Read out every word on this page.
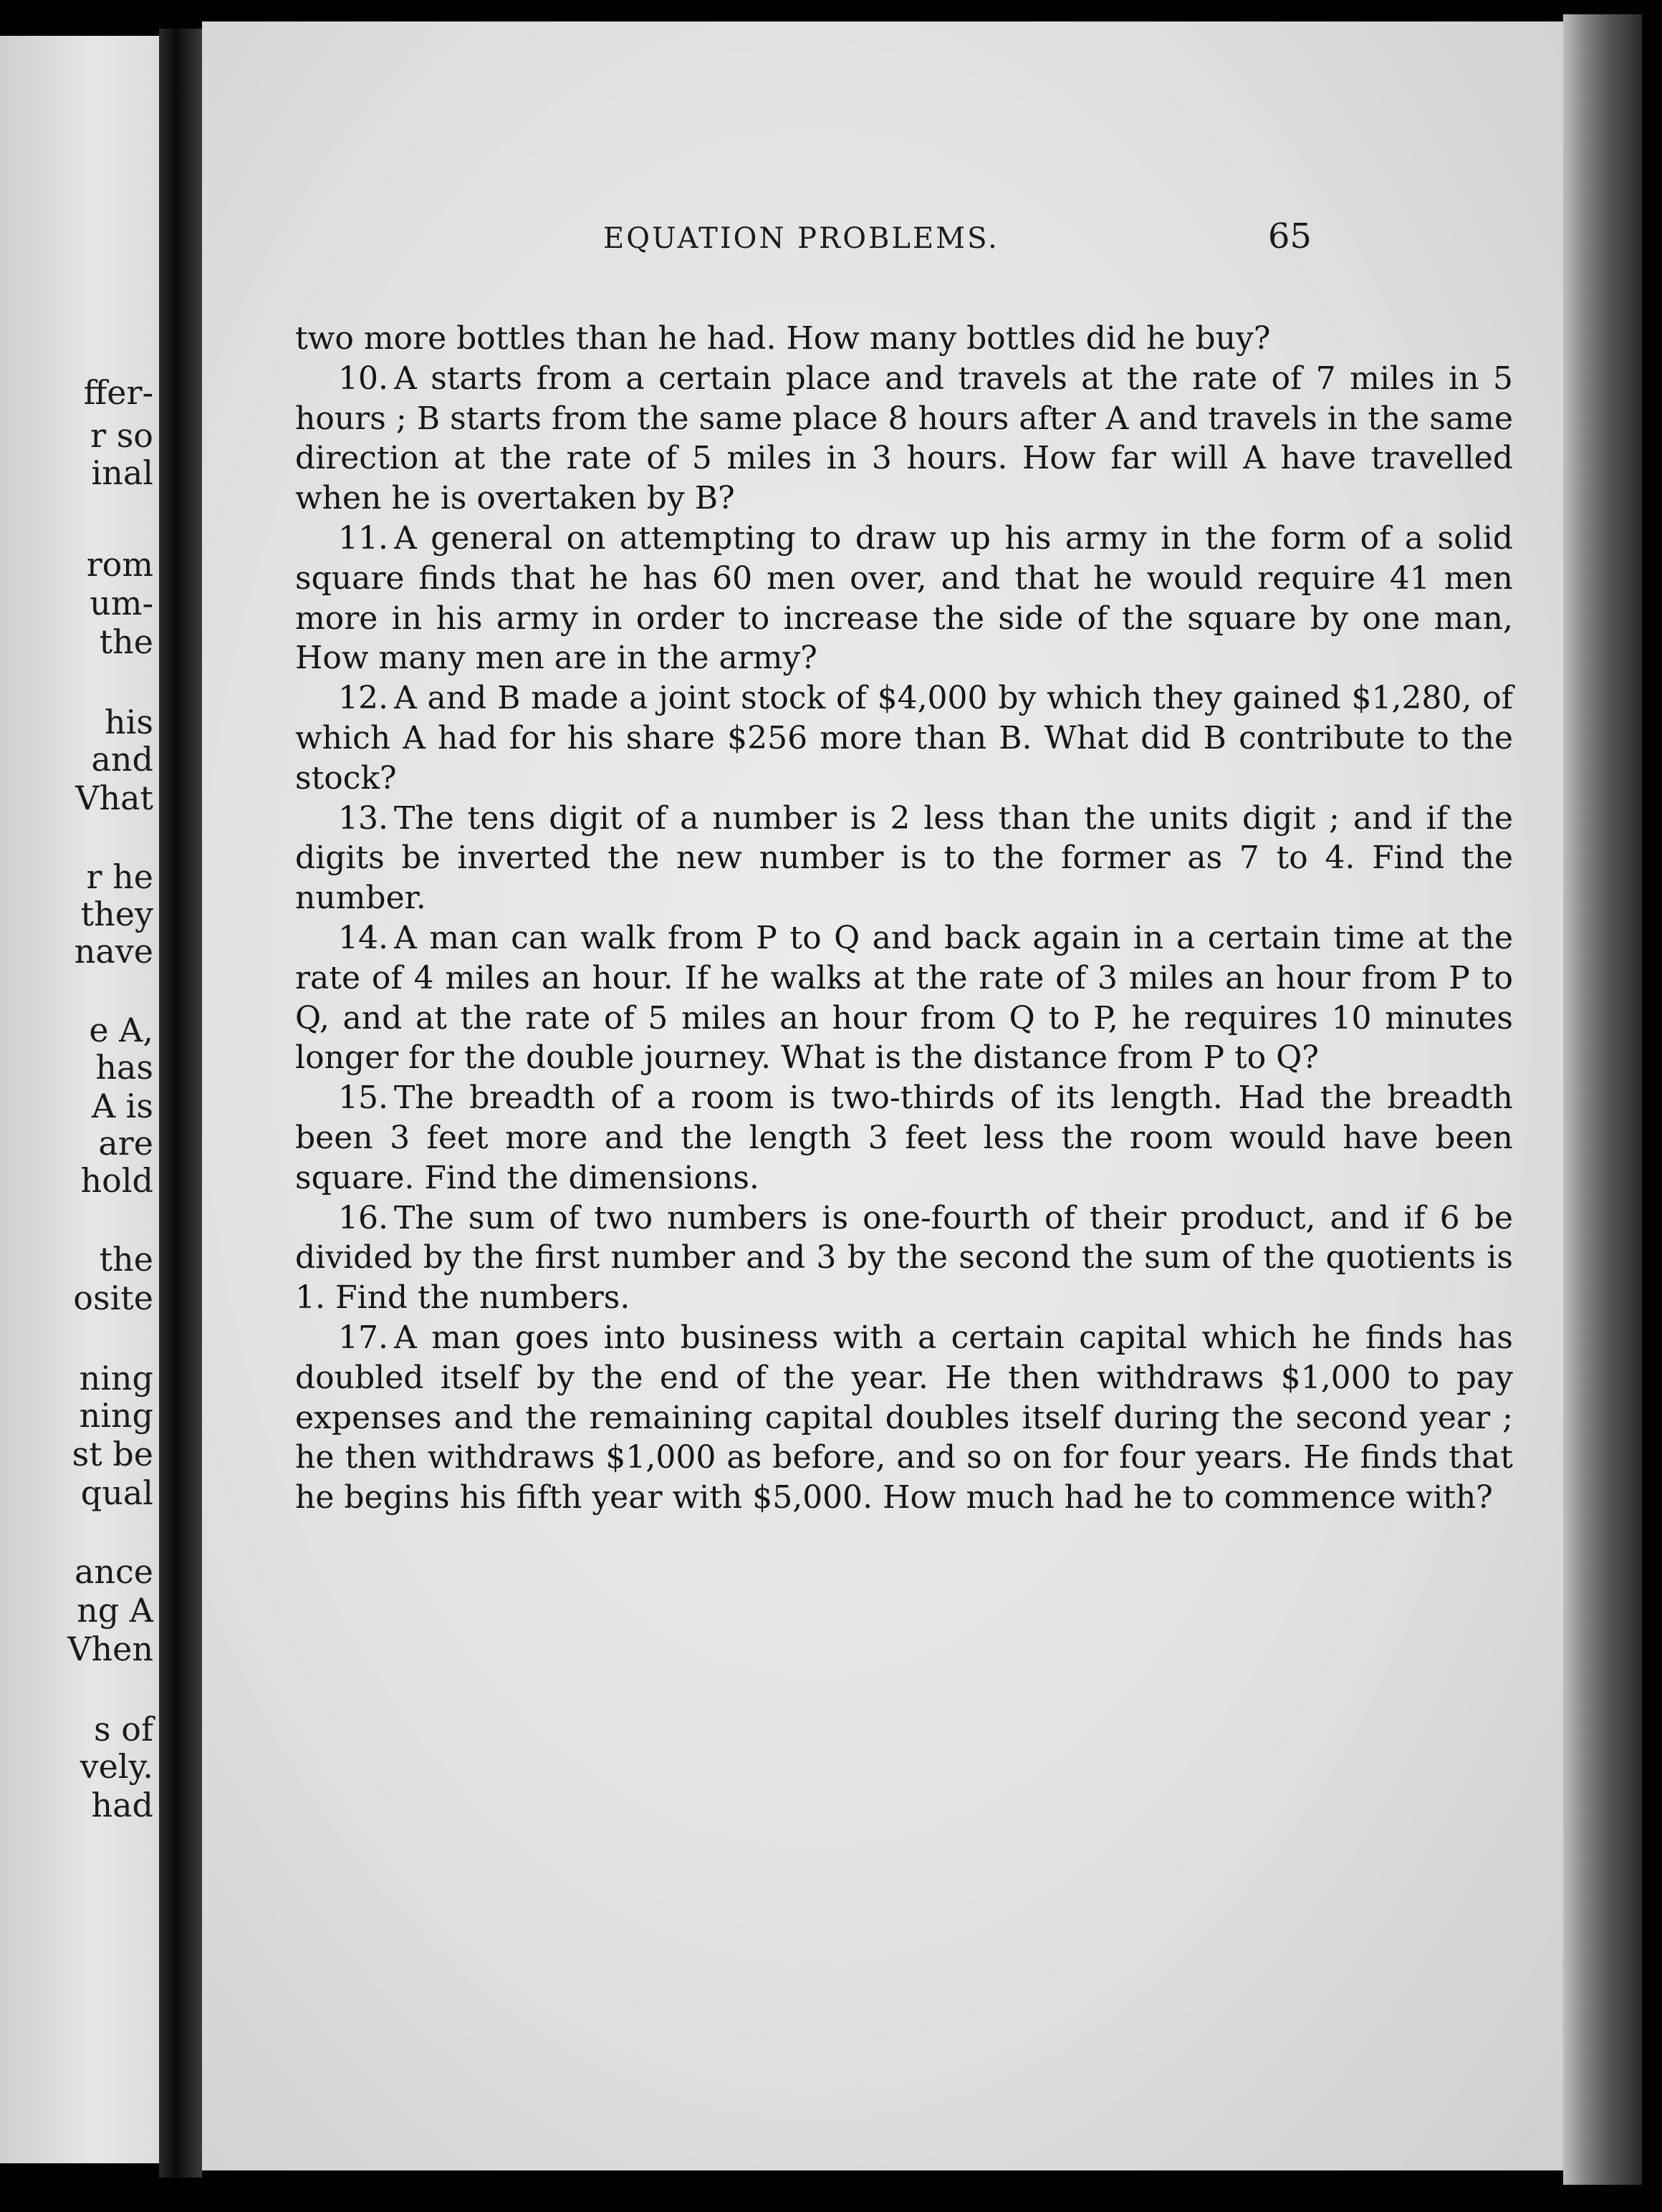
ffer-
r so
inal
rom
um-
the
his
and
Vhat
r he
they
nave
e A,
has
A is
are
hold
the
osite
ning
ning
st be
qual
ance
ng A
Vhen
s of
vely.
had
EQUATION PROBLEMS.	65

two more bottles than he had. How many bottles did he buy?

10. A starts from a certain place and travels at the rate of 7 miles in 5 hours ; B starts from the same place 8 hours after A and travels in the same direction at the rate of 5 miles in 3 hours. How far will A have travelled when he is overtaken by B?

11. A general on attempting to draw up his army in the form of a solid square finds that he has 60 men over, and that he would require 41 men more in his army in order to increase the side of the square by one man, How many men are in the army?

12. A and B made a joint stock of $4,000 by which they gained $1,280, of which A had for his share $256 more than B. What did B contribute to the stock?

13. The tens digit of a number is 2 less than the units digit ; and if the digits be inverted the new number is to the former as 7 to 4. Find the number.

14. A man can walk from P to Q and back again in a certain time at the rate of 4 miles an hour. If he walks at the rate of 3 miles an hour from P to Q, and at the rate of 5 miles an hour from Q to P, he requires 10 minutes longer for the double journey. What is the distance from P to Q?

15. The breadth of a room is two-thirds of its length. Had the breadth been 3 feet more and the length 3 feet less the room would have been square. Find the dimensions.

16. The sum of two numbers is one-fourth of their product, and if 6 be divided by the first number and 3 by the second the sum of the quotients is 1. Find the numbers.

17. A man goes into business with a certain capital which he finds has doubled itself by the end of the year. He then withdraws $1,000 to pay expenses and the remaining capital doubles itself during the second year ; he then withdraws $1,000 as before, and so on for four years. He finds that he begins his fifth year with $5,000. How much had he to commence with?
